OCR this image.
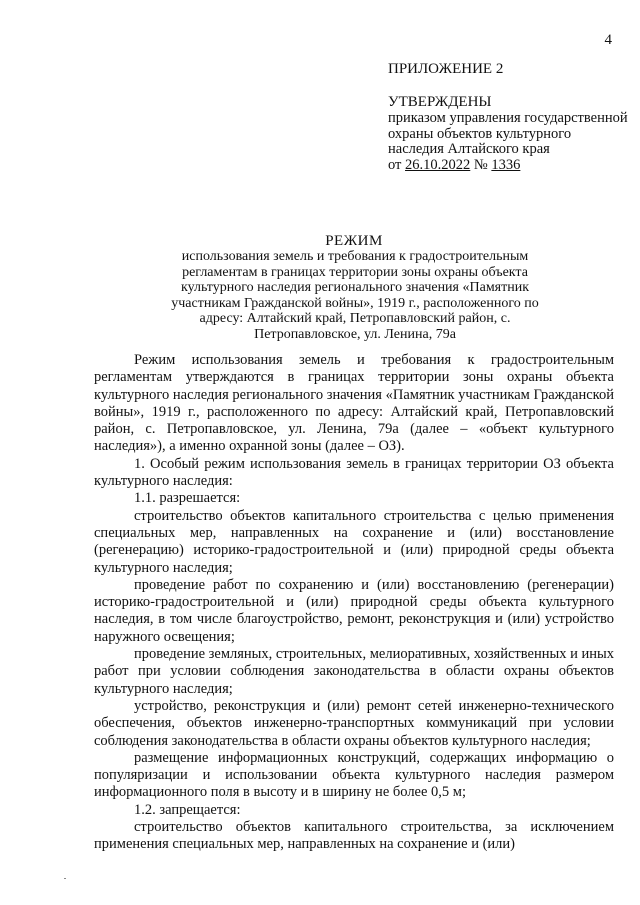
4
ПРИЛОЖЕНИЕ 2
УТВЕРЖДЕНЫ
приказом управления государственной охраны объектов культурного наследия Алтайского края
от 26.10.2022 № 1336
РЕЖИМ
использования земель и требования к градостроительным регламентам в границах территории зоны охраны объекта культурного наследия регионального значения «Памятник участникам Гражданской войны», 1919 г., расположенного по адресу: Алтайский край, Петропавловский район, с. Петропавловское, ул. Ленина, 79а

Режим использования земель и требования к градостроительным регламентам утверждаются в границах территории зоны охраны объекта культурного наследия регионального значения «Памятник участникам Гражданской войны», 1919 г., расположенного по адресу: Алтайский край, Петропавловский район, с. Петропавловское, ул. Ленина, 79а (далее – «объект культурного наследия»), а именно охранной зоны (далее – ОЗ).

1. Особый режим использования земель в границах территории ОЗ объекта культурного наследия:

1.1. разрешается:

строительство объектов капитального строительства с целью применения специальных мер, направленных на сохранение и (или) восстановление (регенерацию) историко-градостроительной и (или) природной среды объекта культурного наследия;

проведение работ по сохранению и (или) восстановлению (регенерации) историко-градостроительной и (или) природной среды объекта культурного наследия, в том числе благоустройство, ремонт, реконструкция и (или) устройство наружного освещения;

проведение земляных, строительных, мелиоративных, хозяйственных и иных работ при условии соблюдения законодательства в области охраны объектов культурного наследия;

устройство, реконструкция и (или) ремонт сетей инженерно-технического обеспечения, объектов инженерно-транспортных коммуникаций при условии соблюдения законодательства в области охраны объектов культурного наследия;

размещение информационных конструкций, содержащих информацию о популяризации и использовании объекта культурного наследия размером информационного поля в высоту и в ширину не более 0,5 м;

1.2. запрещается:

строительство объектов капитального строительства, за исключением применения специальных мер, направленных на сохранение и (или)
